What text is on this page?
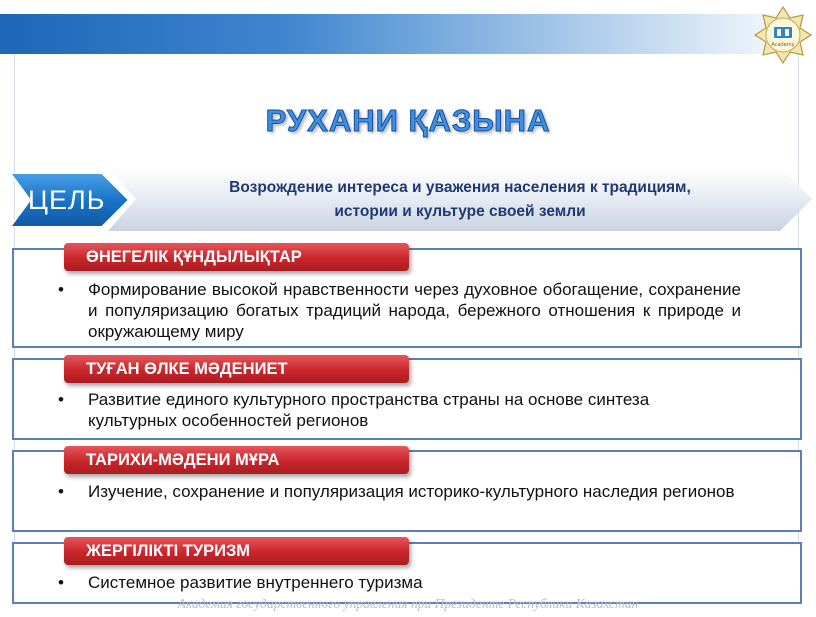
Academy
РУХАНИ ҚАЗЫНА
Возрождение интереса и уважения населения к традициям,
истории и культуре своей земли
ЦЕЛЬ
ӨНЕГЕЛІК ҚҰНДЫЛЫҚТАР
•	Формирование высокой нравственности через духовное обогащение, сохранение и популяризацию богатых традиций народа, бережного отношения к природе и окружающему миру
ТУҒАН ӨЛКЕ МӘДЕНИЕТ
•	Развитие единого культурного пространства страны на основе синтеза культурных особенностей регионов
ТАРИХИ-МӘДЕНИ МҰРА
•	Изучение, сохранение и популяризация историко-культурного наследия регионов
ЖЕРГІЛІКТІ ТУРИЗМ
•	Системное развитие внутреннего туризма
Академия государственного управления при Президенте Республики Казахстан
